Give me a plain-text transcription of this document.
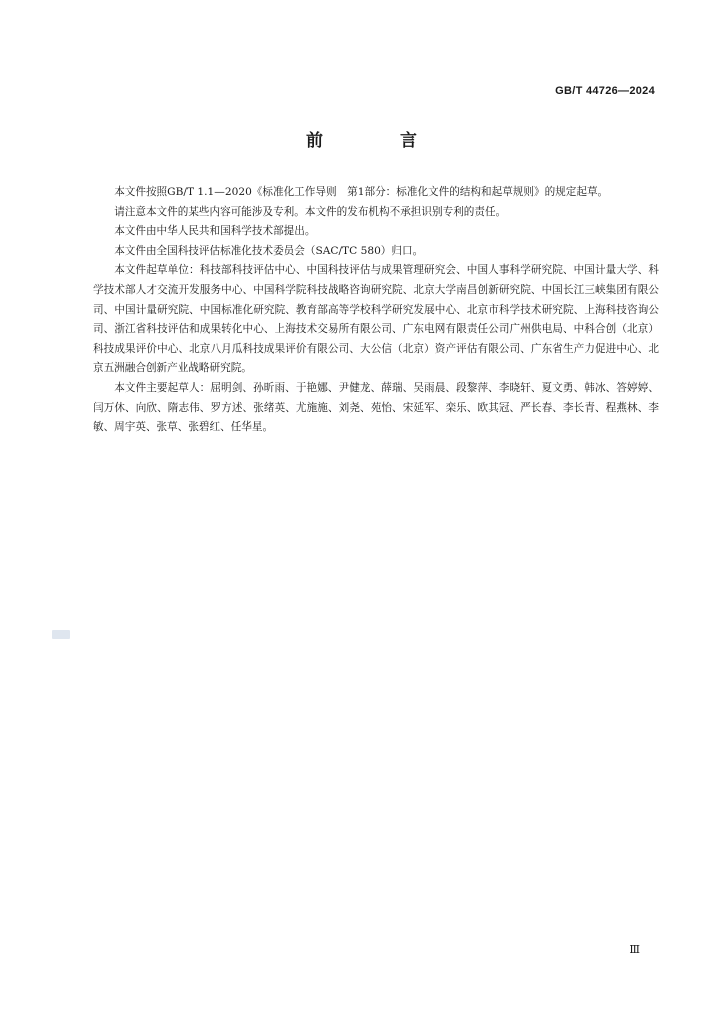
GB/T 44726—2024
前　言

本文件按照GB/T 1.1—2020《标准化工作导则　第1部分：标准化文件的结构和起草规则》的规定起草。

请注意本文件的某些内容可能涉及专利。本文件的发布机构不承担识别专利的责任。

本文件由中华人民共和国科学技术部提出。

本文件由全国科技评估标准化技术委员会（SAC/TC 580）归口。

本文件起草单位：科技部科技评估中心、中国科技评估与成果管理研究会、中国人事科学研究院、中国计量大学、科学技术部人才交流开发服务中心、中国科学院科技战略咨询研究院、北京大学南昌创新研究院、中国长江三峡集团有限公司、中国计量研究院、中国标准化研究院、教育部高等学校科学研究发展中心、北京市科学技术研究院、上海科技咨询公司、浙江省科技评估和成果转化中心、上海技术交易所有限公司、广东电网有限责任公司广州供电局、中科合创（北京）科技成果评价中心、北京八月瓜科技成果评价有限公司、大公信（北京）资产评估有限公司、广东省生产力促进中心、北京五洲融合创新产业战略研究院。

本文件主要起草人：屈明剑、孙昕雨、于艳娜、尹健龙、薛瑞、吴雨晨、段黎萍、李晓轩、夏文勇、韩冰、答婷婷、闫万休、向欣、隋志伟、罗方述、张绪英、尤施施、刘尧、苑怡、宋延军、栾乐、欧其冠、严长春、李长青、程燕林、李敏、周宇英、张草、张碧红、任华星。

Ⅲ
